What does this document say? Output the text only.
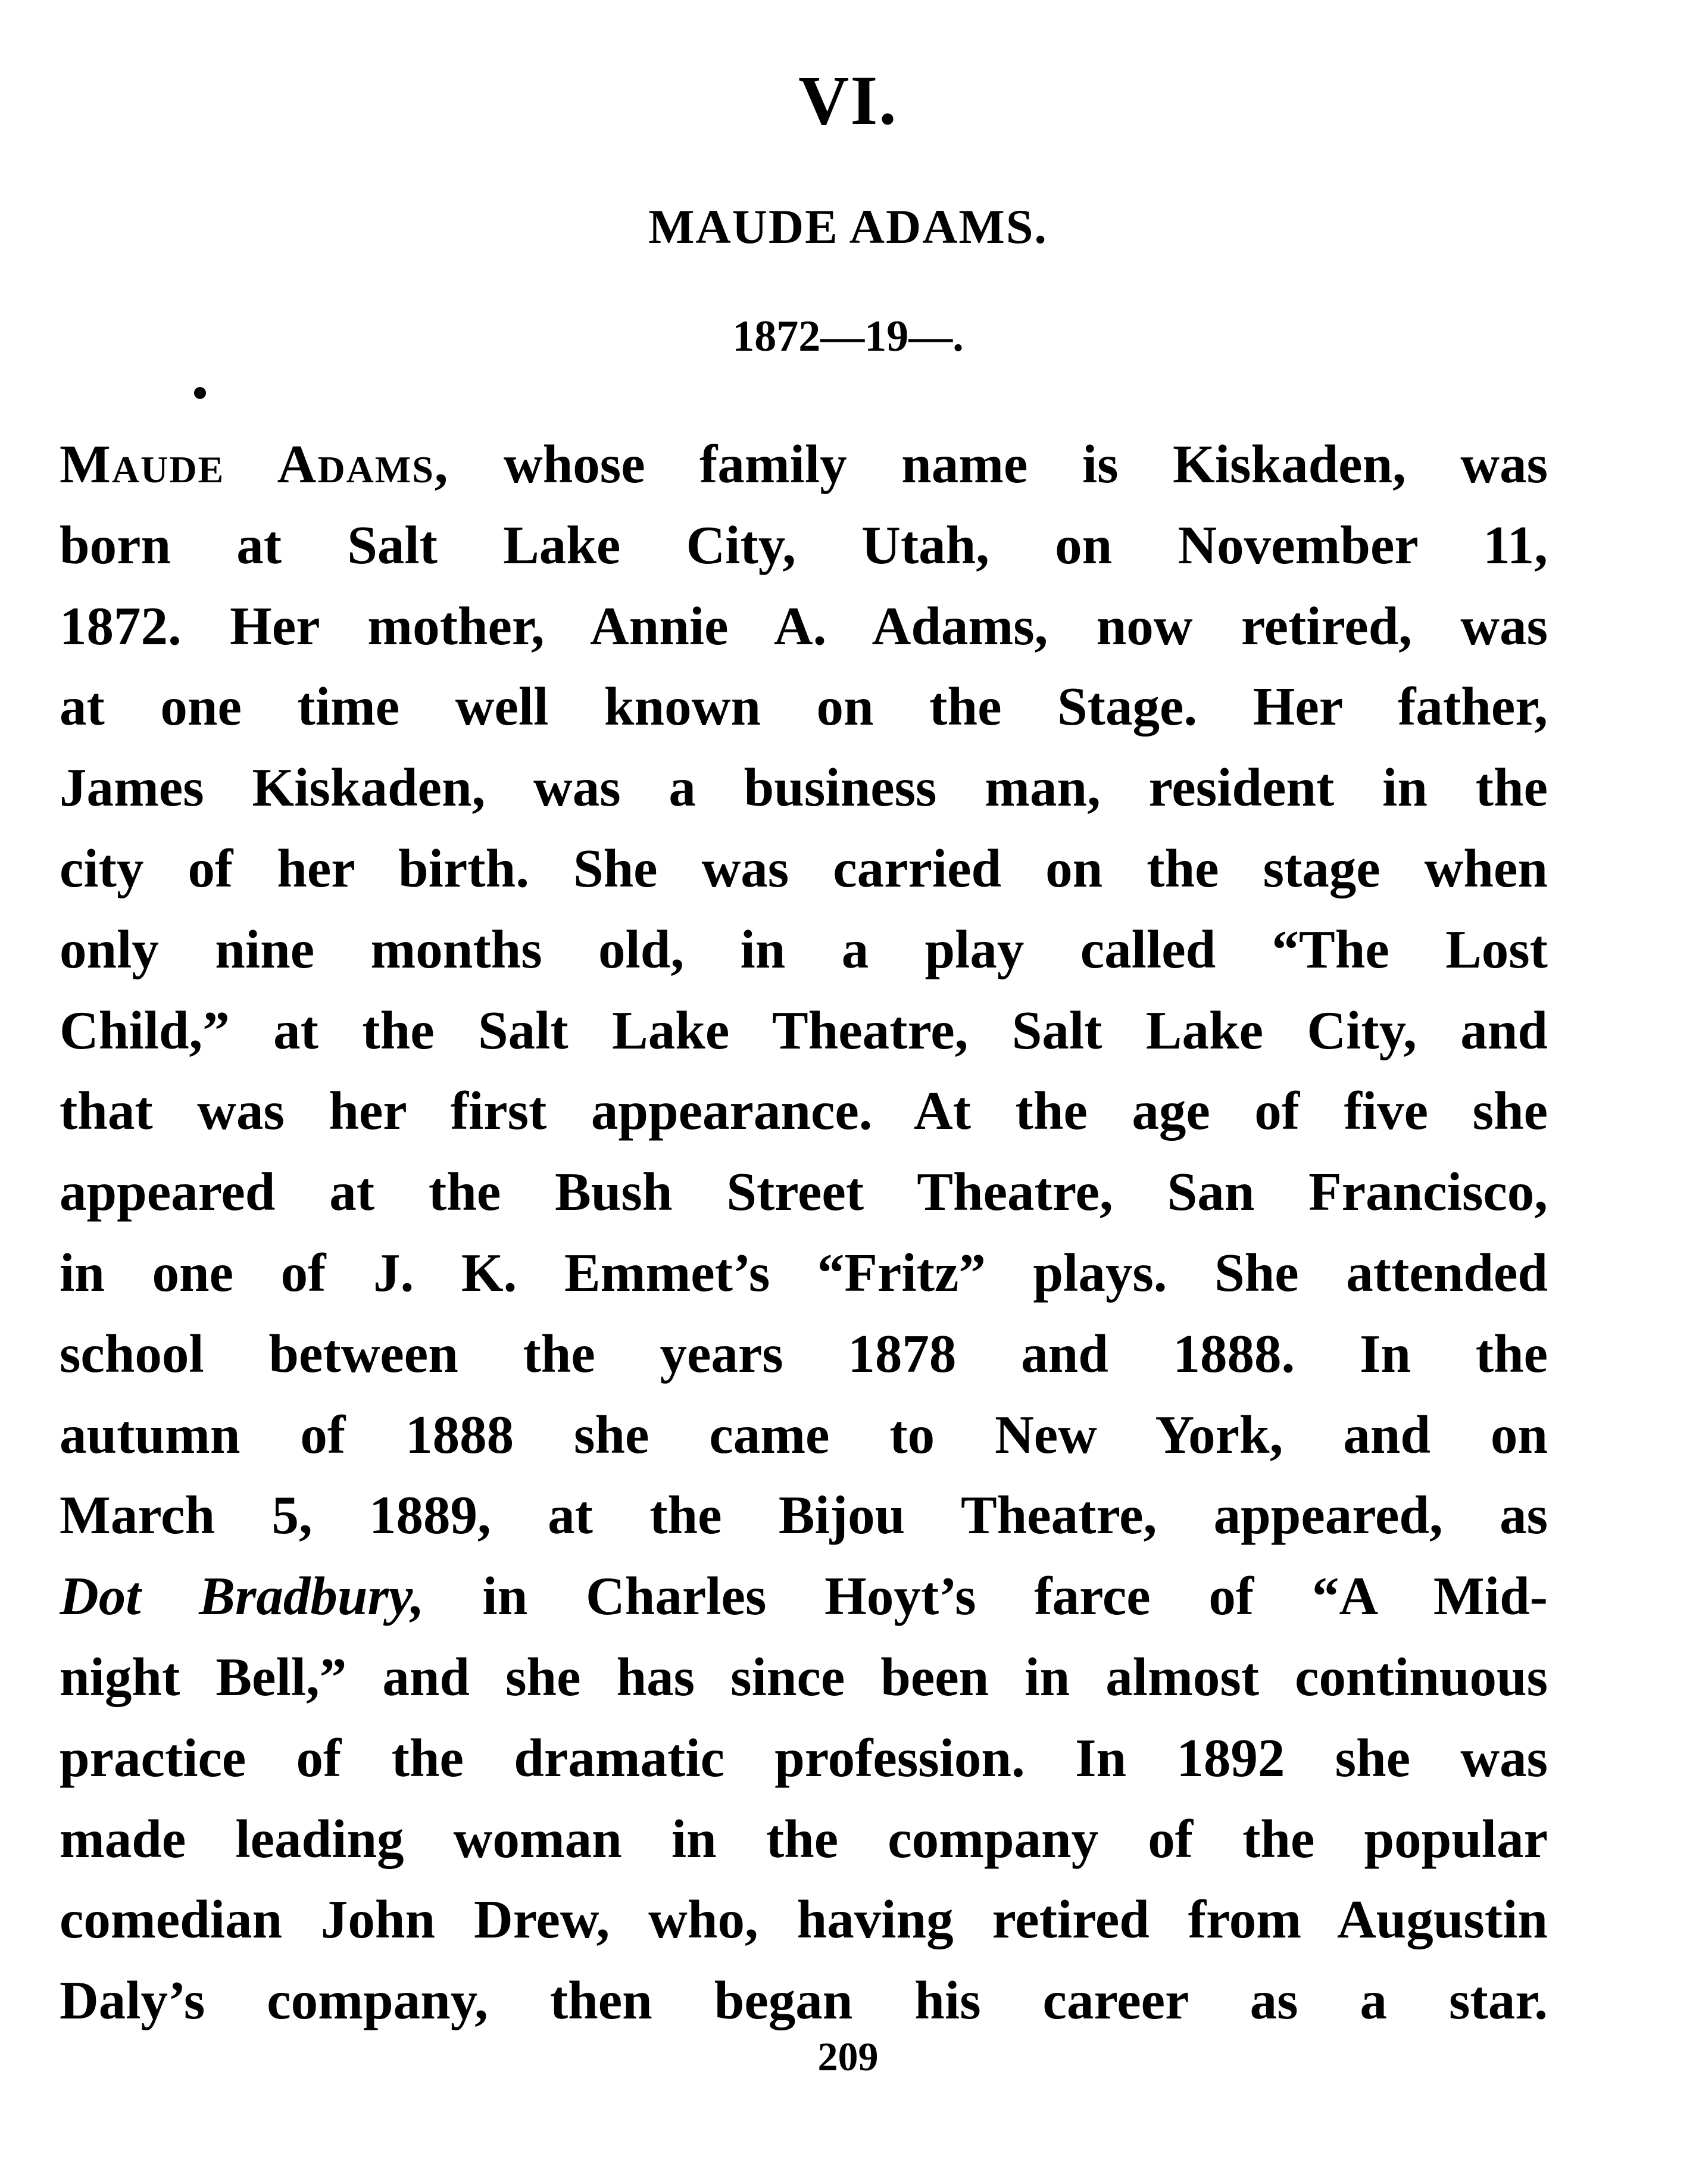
VI.
MAUDE ADAMS.
1872—19—.
Maude Adams, whose family name is Kiskaden, was
born at Salt Lake City, Utah, on November 11,
1872. Her mother, Annie A. Adams, now retired, was
at one time well known on the Stage. Her father,
James Kiskaden, was a business man, resident in the
city of her birth. She was carried on the stage when
only nine months old, in a play called “The Lost
Child,” at the Salt Lake Theatre, Salt Lake City, and
that was her first appearance. At the age of five she
appeared at the Bush Street Theatre, San Francisco,
in one of J. K. Emmet’s “Fritz” plays. She attended
school between the years 1878 and 1888. In the
autumn of 1888 she came to New York, and on
March 5, 1889, at the Bijou Theatre, appeared, as
Dot Bradbury, in Charles Hoyt’s farce of “A Mid-
night Bell,” and she has since been in almost continuous
practice of the dramatic profession. In 1892 she was
made leading woman in the company of the popular
comedian John Drew, who, having retired from Augustin
Daly’s company, then began his career as a star.
209
